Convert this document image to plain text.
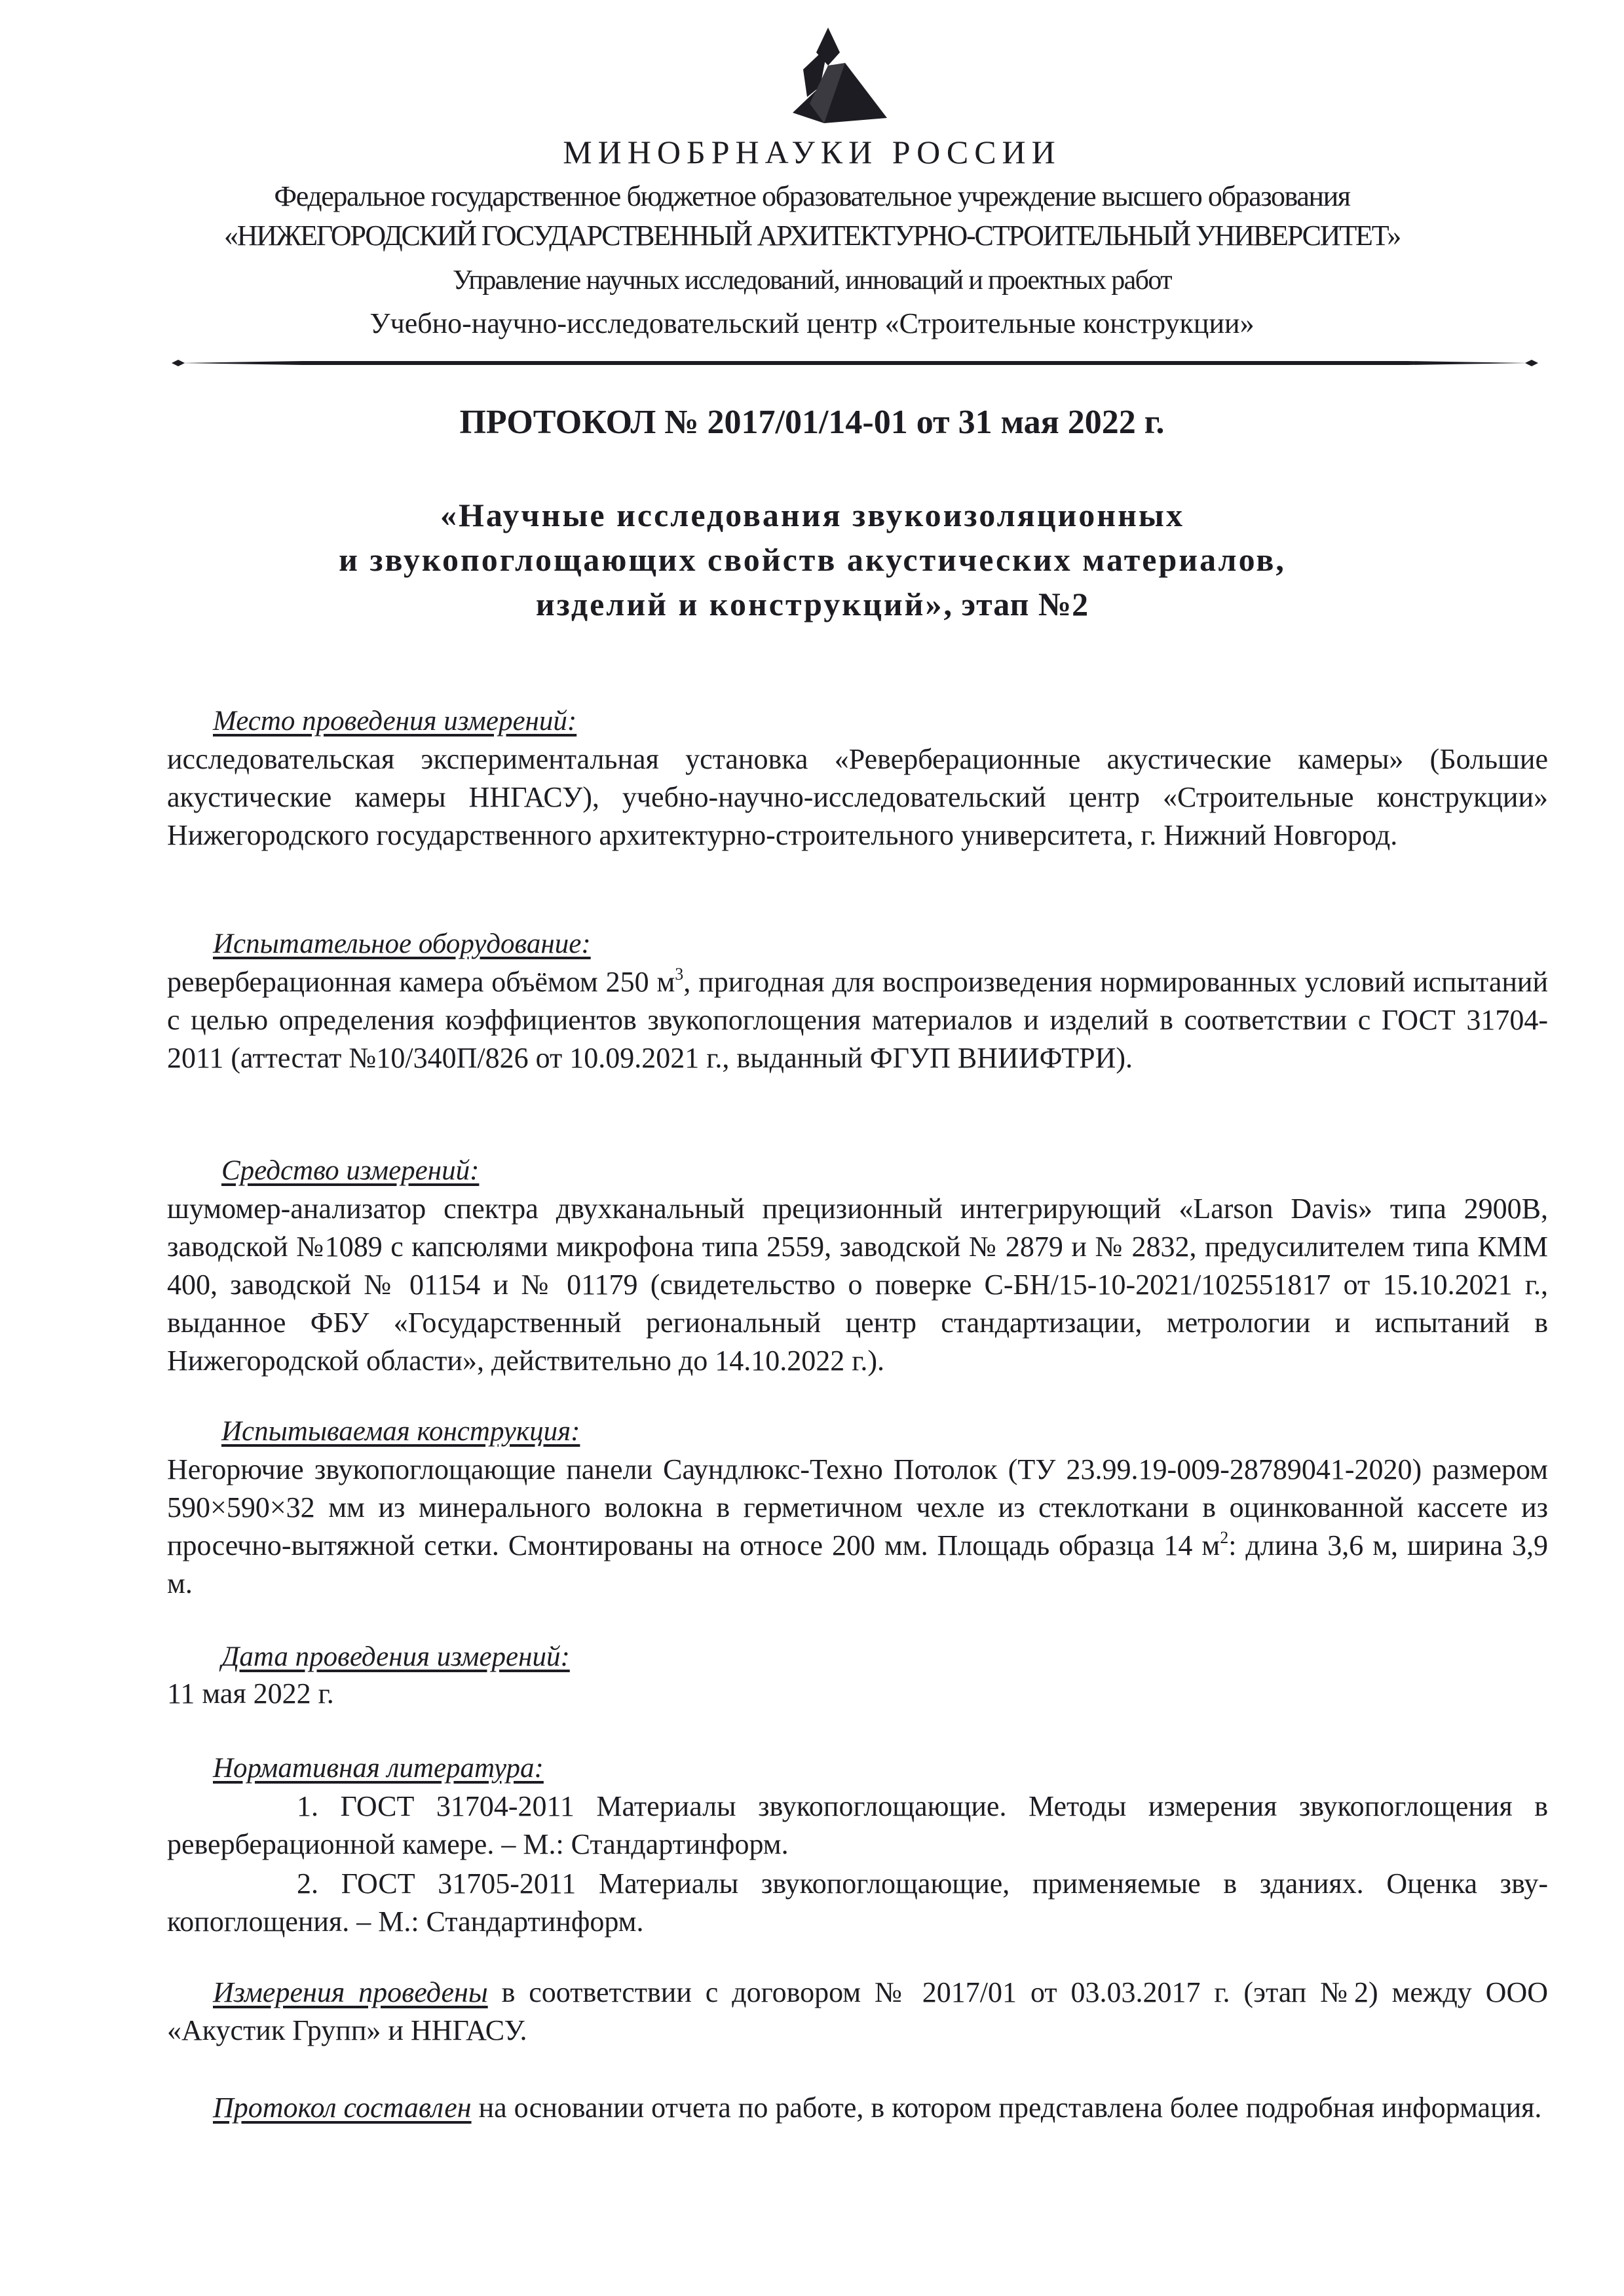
МИНОБРНАУКИ РОССИИ
Федеральное государственное бюджетное образовательное учреждение высшего образования
«НИЖЕГОРОДСКИЙ ГОСУДАРСТВЕННЫЙ АРХИТЕКТУРНО-СТРОИТЕЛЬНЫЙ УНИВЕРСИТЕТ»
Управление научных исследований, инноваций и проектных работ
Учебно-научно-исследовательский центр «Строительные конструкции»
ПРОТОКОЛ № 2017/01/14-01 от 31 мая 2022 г.
«Научные исследования звукоизоляционных
и звукопоглощающих свойств акустических материалов,
изделий и конструкций», этап №2
Место проведения измерений:
исследовательская экспериментальная установка «Реверберационные акустические камеры» (Большие акустические камеры ННГАСУ), учебно-научно-исследовательский центр «Строительные конструкции» Нижегородского государственного архитектурно-строительного университета, г. Нижний Новгород.
Испытательное оборудование:
реверберационная камера объёмом 250 $м^3$, пригодная для воспроизведения нормированных условий испытаний с целью определения коэффициентов звукопоглощения материалов и изделий в соответствии с ГОСТ 31704-2011 (аттестат №10/340П/826 от 10.09.2021 г., выданный ФГУП ВНИИФТРИ).
Средство измерений:
шумомер-анализатор спектра двухканальный прецизионный интегрирующий «Larson Davis» типа 2900B, заводской №1089 с капсюлями микрофона типа 2559, заводской № 2879 и № 2832, предусилителем типа КММ 400, заводской № 01154 и № 01179 (свидетельство о поверке С-БН/15-10-2021/102551817 от 15.10.2021 г., выданное ФБУ «Государственный региональный центр стандартизации, метрологии и испытаний в Нижегородской области», действительно до 14.10.2022 г.).
Испытываемая конструкция:
Негорючие звукопоглощающие панели Саундлюкс-Техно Потолок (ТУ 23.99.19-009-28789041-2020) размером 590×590×32 мм из минерального волокна в герметичном чехле из стеклоткани в оцинкованной кассете из просечно-вытяжной сетки. Смонтированы на относе 200 мм. Площадь образца 14 $м^2$: длина 3,6 м, ширина 3,9 м.
Дата проведения измерений:
11 мая 2022 г.
Нормативная литература:
1. ГОСТ 31704-2011 Материалы звукопоглощающие. Методы измерения звукопоглощения в реверберационной камере. – М.: Стандартинформ.
2. ГОСТ 31705-2011 Материалы звукопоглощающие, применяемые в зданиях. Оценка звукопоглощения. – М.: Стандартинформ.
Измерения проведены в соответствии с договором № 2017/01 от 03.03.2017 г. (этап №2) между ООО «Акустик Групп» и ННГАСУ.
Протокол составлен на основании отчета по работе, в котором представлена более подробная информация.
